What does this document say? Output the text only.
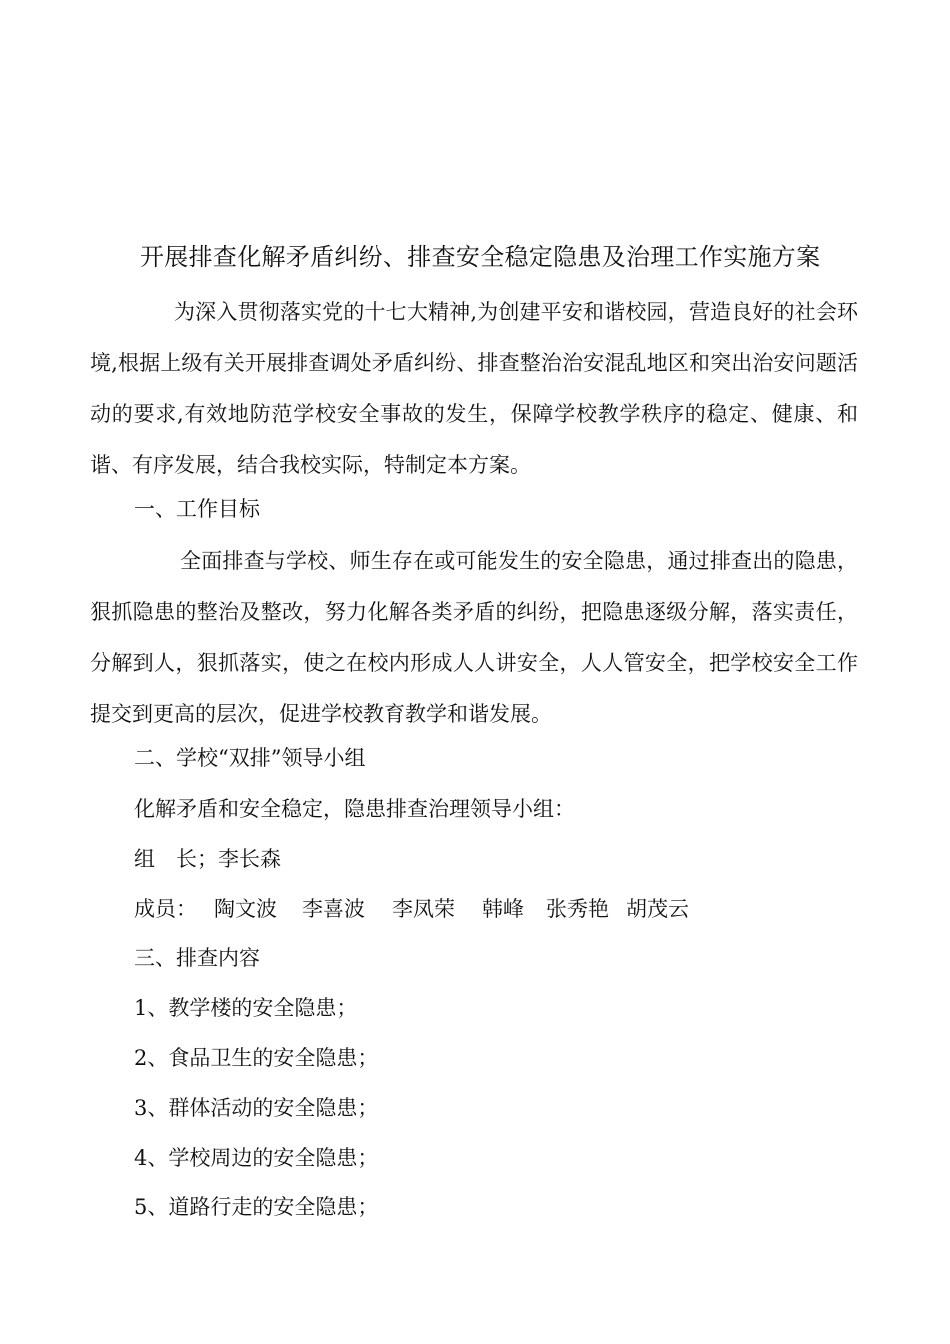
开展排查化解矛盾纠纷、排查安全稳定隐患及治理工作实施方案

为深入贯彻落实党的十七大精神,为创建平安和谐校园，营造良好的社会环境,根据上级有关开展排查调处矛盾纠纷、排查整治治安混乱地区和突出治安问题活动的要求,有效地防范学校安全事故的发生，保障学校教学秩序的稳定、健康、和谐、有序发展，结合我校实际，特制定本方案。

一、工作目标

全面排查与学校、师生存在或可能发生的安全隐患，通过排查出的隐患，狠抓隐患的整治及整改，努力化解各类矛盾的纠纷，把隐患逐级分解，落实责任，分解到人，狠抓落实，使之在校内形成人人讲安全，人人管安全，把学校安全工作提交到更高的层次，促进学校教育教学和谐发展。

二、学校“双排”领导小组
化解矛盾和安全稳定，隐患排查治理领导小组：
组　长；李长森
成员： 陶文波 李喜波 李凤荣 韩峰 张秀艳 胡茂云
三、排查内容
1、教学楼的安全隐患；
2、食品卫生的安全隐患；
3、群体活动的安全隐患；
4、学校周边的安全隐患；
5、道路行走的安全隐患；
